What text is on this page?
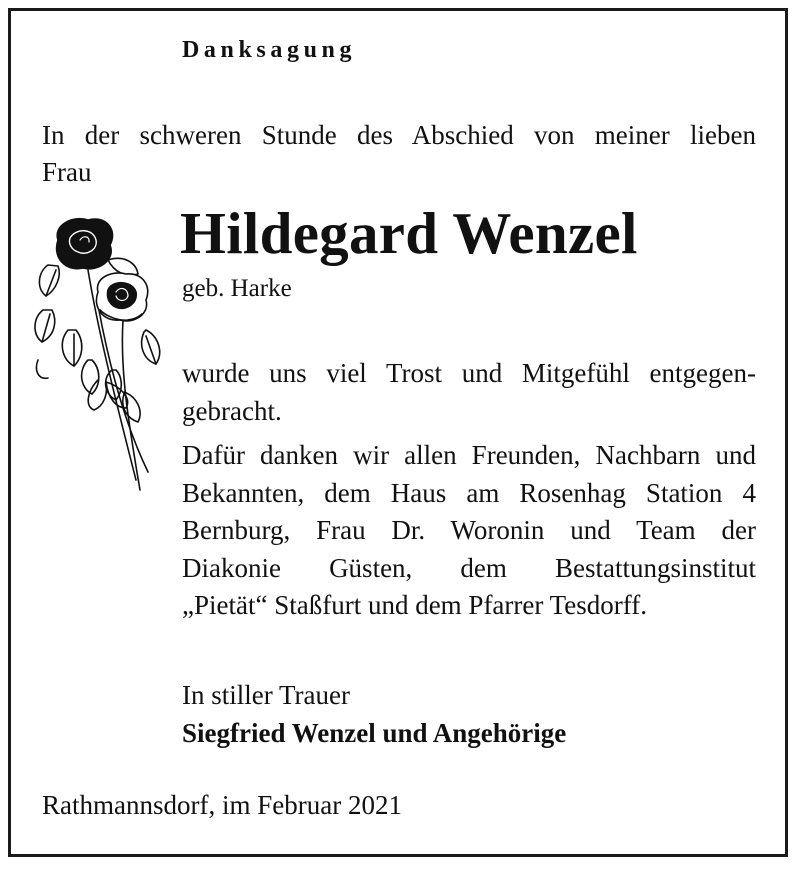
Danksagung
In der schweren Stunde des Abschied von meiner lieben
Frau
Hildegard Wenzel
geb. Harke
wurde uns viel Trost und Mitgefühl entgegen-
gebracht.
Dafür danken wir allen Freunden, Nachbarn und
Bekannten, dem Haus am Rosenhag Station 4
Bernburg, Frau Dr. Woronin und Team der
Diakonie Güsten, dem Bestattungsinstitut
„Pietät“ Staßfurt und dem Pfarrer Tesdorff.
In stiller Trauer
Siegfried Wenzel und Angehörige
Rathmannsdorf, im Februar 2021
